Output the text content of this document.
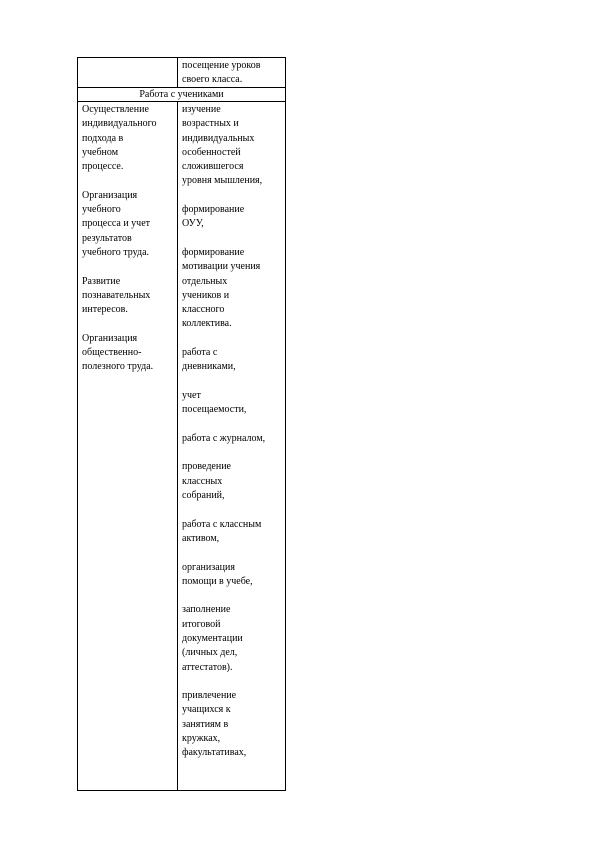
посещение уроков
своего класса.
Работа с учениками
Осуществление
индивидуального
подхода в
учебном
процессе.
Организация
учебного
процесса и учет
результатов
учебного труда.
Развитие
познавательных
интересов.
Организация
общественно-
полезного труда.
изучение
возрастных и
индивидуальных
особенностей
сложившегося
уровня мышления,
формирование
ОУУ,
формирование
мотивации учения
отдельных
учеников и
классного
коллектива.
работа с
дневниками,
учет
посещаемости,
работа с журналом,
проведение
классных
собраний,
работа с классным
активом,
организация
помощи в учебе,
заполнение
итоговой
документации
(личных дел,
аттестатов).
привлечение
учащихся к
занятиям в
кружках,
факультативах,
